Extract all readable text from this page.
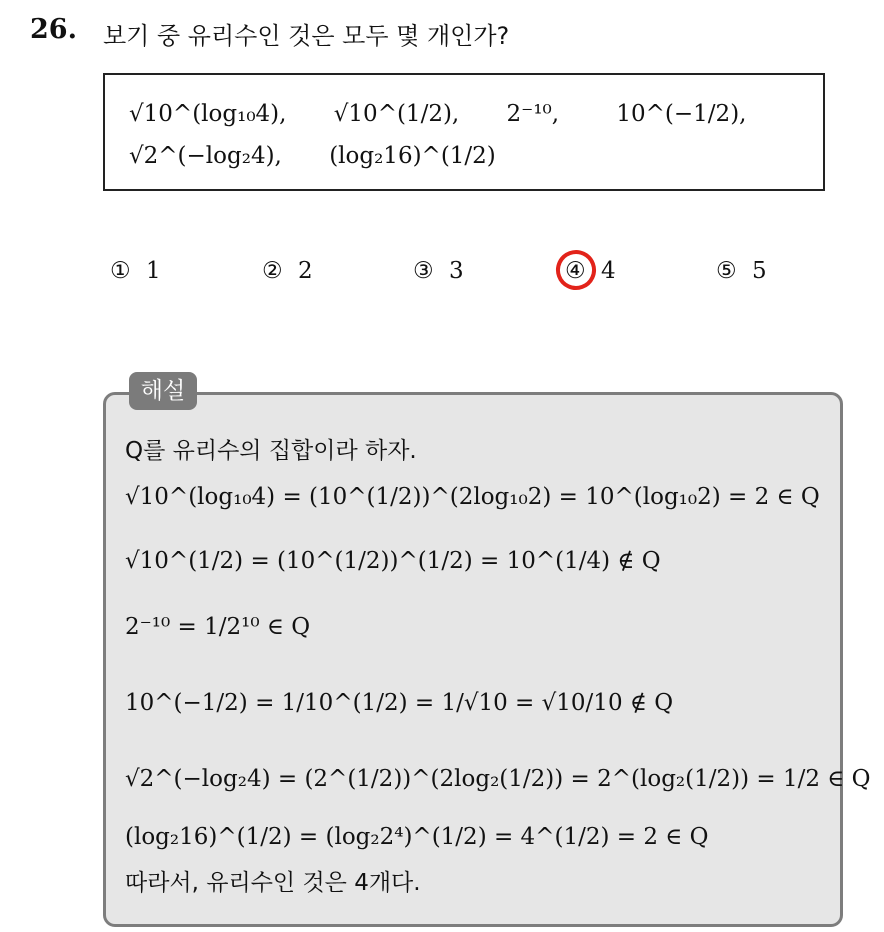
26. 보기 중 유리수인 것은 모두 몇 개인가?
√10^(log₁₀4), √10^(1/2), 2⁻¹⁰, 10^(−1/2),
√2^(−log₂4), (log₂16)^(1/2)
① 1	② 2	③ 3	④ 4	⑤ 5
해설
Q를 유리수의 집합이라 하자.
√10^(log₁₀4) = (10^(1/2))^(2log₁₀2) = 10^(log₁₀2) = 2 ∈ Q
√10^(1/2) = (10^(1/2))^(1/2) = 10^(1/4) ∉ Q
2⁻¹⁰ = 1/2¹⁰ ∈ Q
10^(−1/2) = 1/10^(1/2) = 1/√10 = √10/10 ∉ Q
√2^(−log₂4) = (2^(1/2))^(2log₂(1/2)) = 2^(log₂(1/2)) = 1/2 ∈ Q
(log₂16)^(1/2) = (log₂2⁴)^(1/2) = 4^(1/2) = 2 ∈ Q
따라서, 유리수인 것은 4개다.
